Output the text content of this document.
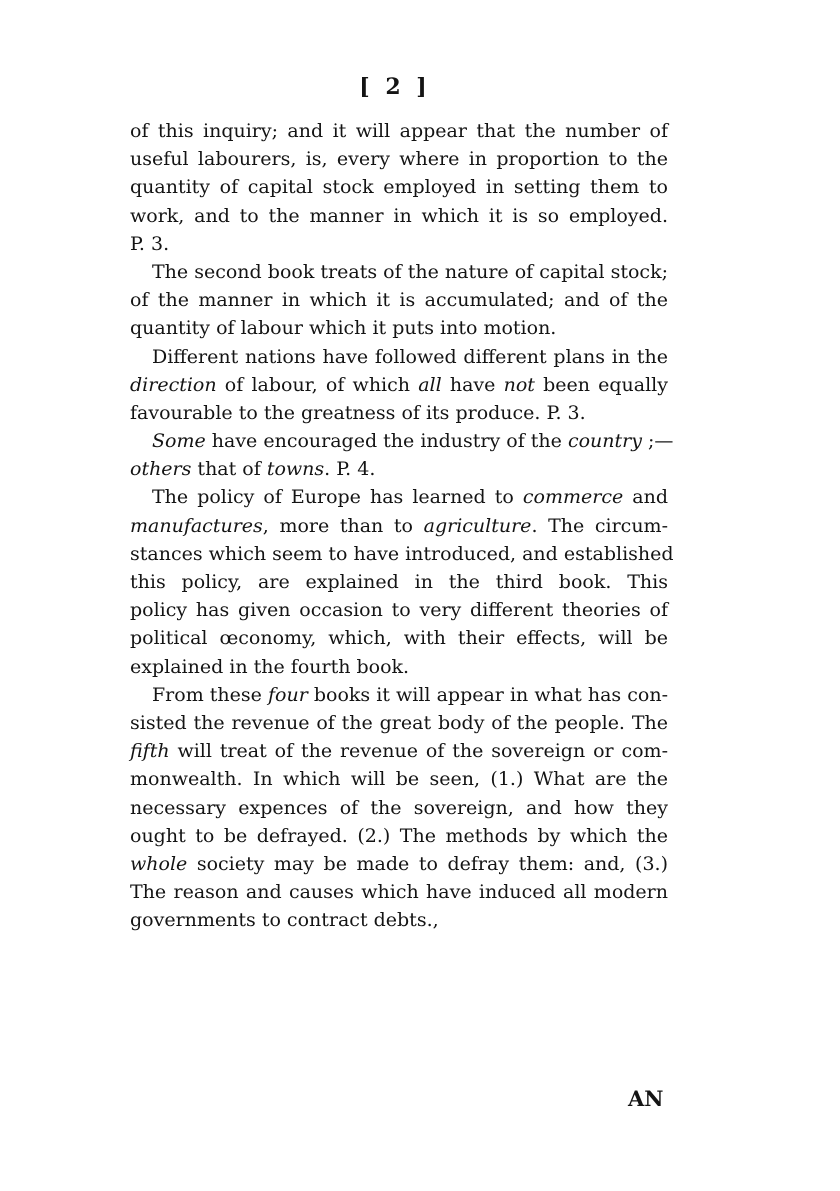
[ 2 ]
of this inquiry; and it will appear that the number of
useful labourers, is, every where in proportion to the
quantity of capital stock employed in setting them to
work, and to the manner in which it is so employed.
P. 3.
The second book treats of the nature of capital stock;
of the manner in which it is accumulated; and of the
quantity of labour which it puts into motion.
Different nations have followed different plans in the
direction of labour, of which all have not been equally
favourable to the greatness of its produce. P. 3.
Some have encouraged the industry of the country ;—
others that of towns. P. 4.
The policy of Europe has learned to commerce and
manufactures, more than to agriculture. The circum-
stances which seem to have introduced, and established
this policy, are explained in the third book. This
policy has given occasion to very different theories of
political œconomy, which, with their effects, will be
explained in the fourth book.
From these four books it will appear in what has con-
sisted the revenue of the great body of the people. The
fifth will treat of the revenue of the sovereign or com-
monwealth. In which will be seen, (1.) What are the
necessary expences of the sovereign, and how they
ought to be defrayed. (2.) The methods by which the
whole society may be made to defray them: and, (3.)
The reason and causes which have induced all modern
governments to contract debts.,
AN
